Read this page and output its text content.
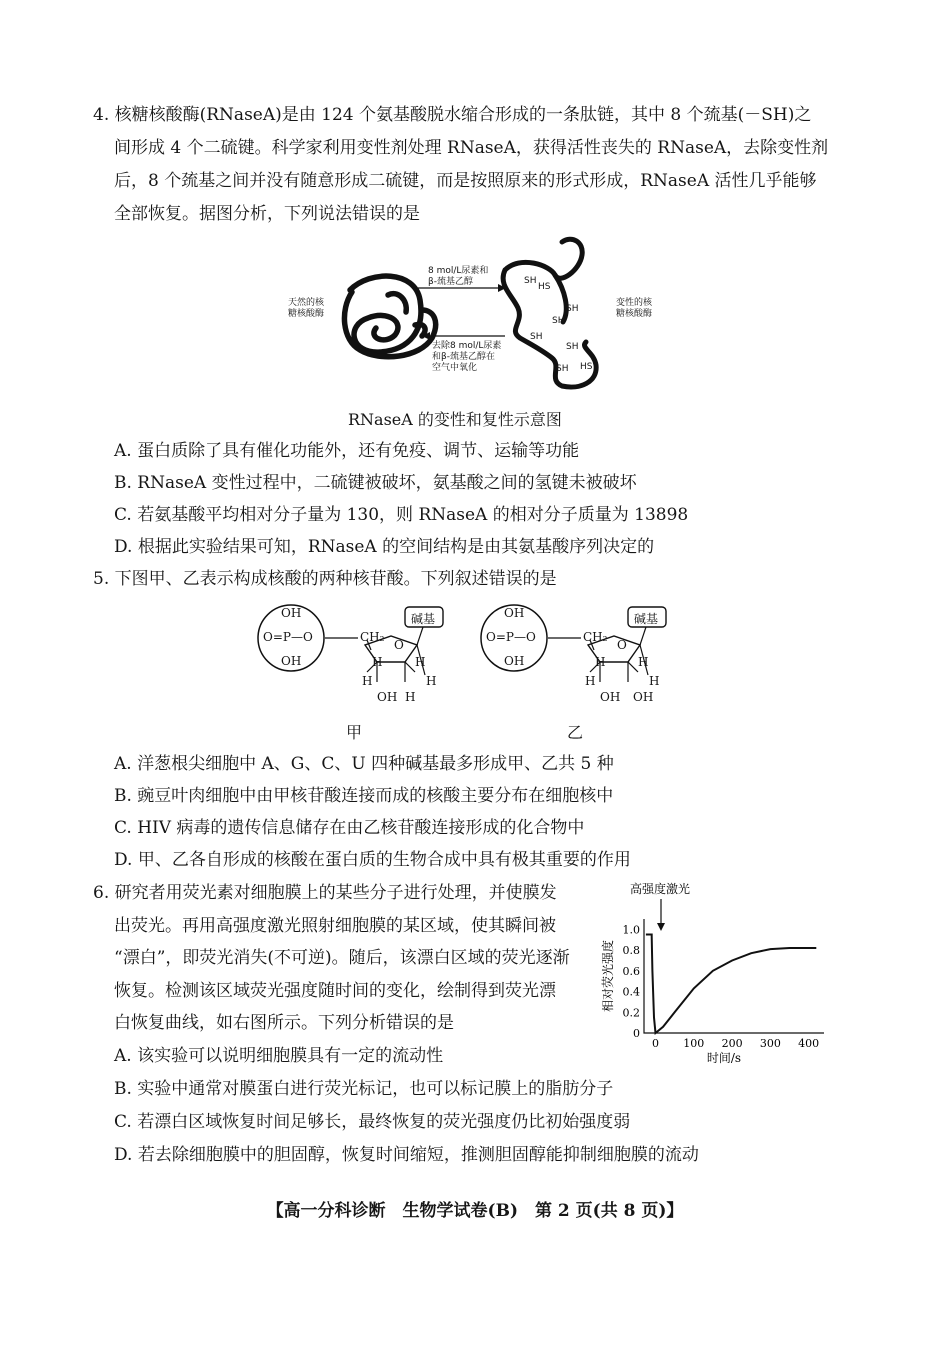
4. 核糖核酸酶(RNaseA)是由 124 个氨基酸脱水缩合形成的一条肽链，其中 8 个巯基(－SH)之
间形成 4 个二硫键。科学家利用变性剂处理 RNaseA，获得活性丧失的 RNaseA，去除变性剂
后，8 个巯基之间并没有随意形成二硫键，而是按照原来的形式形成，RNaseA 活性几乎能够
全部恢复。据图分析，下列说法错误的是
天然的核
糖核酸酶
8 mol/L尿素和
β-巯基乙醇
去除8 mol/L尿素
和β-巯基乙醇在
空气中氧化
变性的核
糖核酸酶
SH
HS
SH
SH
SH
SH
SH HS
RNaseA 的变性和复性示意图
A. 蛋白质除了具有催化功能外，还有免疫、调节、运输等功能
B. RNaseA 变性过程中，二硫键被破坏，氨基酸之间的氢键未被破坏
C. 若氨基酸平均相对分子量为 130，则 RNaseA 的相对分子质量为 13898
D. 根据此实验结果可知，RNaseA 的空间结构是由其氨基酸序列决定的
5. 下图甲、乙表示构成核酸的两种核苷酸。下列叙述错误的是
OH
O=P—O
OH
CH₂
O
碱基
H	H
H	H
OH H
OH
O=P—O
OH
CH₂
O
碱基
H	H
H	H
OH OH
甲	乙
A. 洋葱根尖细胞中 A、G、C、U 四种碱基最多形成甲、乙共 5 种
B. 豌豆叶肉细胞中由甲核苷酸连接而成的核酸主要分布在细胞核中
C. HIV 病毒的遗传信息储存在由乙核苷酸连接形成的化合物中
D. 甲、乙各自形成的核酸在蛋白质的生物合成中具有极其重要的作用
6. 研究者用荧光素对细胞膜上的某些分子进行处理，并使膜发
出荧光。再用高强度激光照射细胞膜的某区域，使其瞬间被
“漂白”，即荧光消失(不可逆)。随后，该漂白区域的荧光逐渐
恢复。检测该区域荧光强度随时间的变化，绘制得到荧光漂
白恢复曲线，如右图所示。下列分析错误的是
高强度激光
0
0.2
0.4
0.6
0.8
1.0
0 100 200 300 400
相对荧光强度
时间/s
A. 该实验可以说明细胞膜具有一定的流动性
B. 实验中通常对膜蛋白进行荧光标记，也可以标记膜上的脂肪分子
C. 若漂白区域恢复时间足够长，最终恢复的荧光强度仍比初始强度弱
D. 若去除细胞膜中的胆固醇，恢复时间缩短，推测胆固醇能抑制细胞膜的流动
【高一分科诊断　生物学试卷(B)　第 2 页(共 8 页)】
